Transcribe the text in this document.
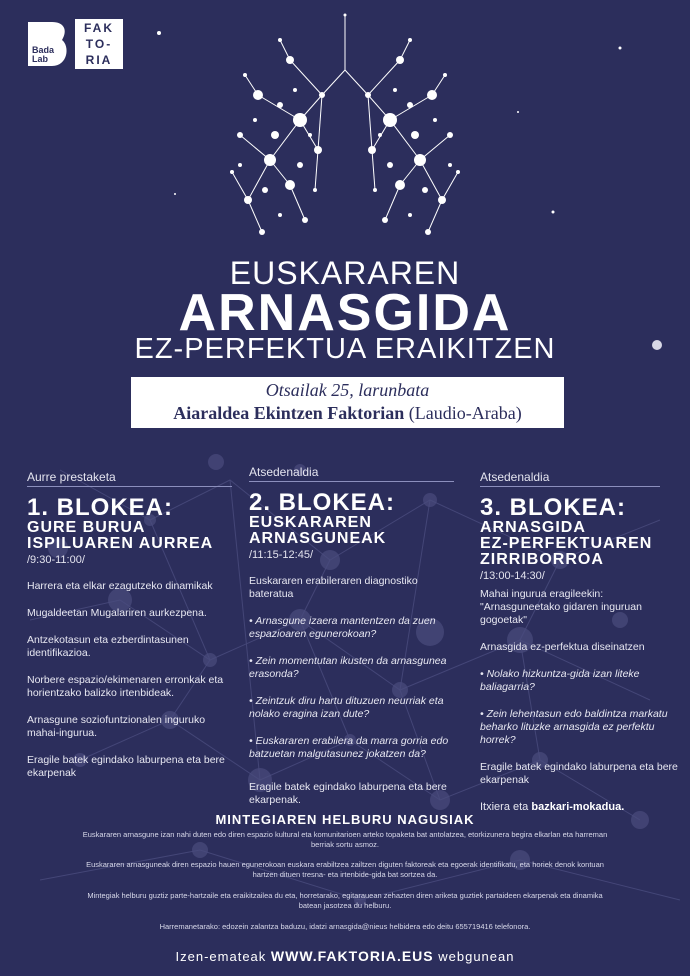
Bada
Lab
FAK
TO-
RIA
EUSKARAREN
ARNASGIDA
EZ-PERFEKTUA ERAIKITZEN
Otsailak 25, larunbata
Aiaraldea Ekintzen Faktorian (Laudio-Araba)
Aurre prestaketa
1. BLOKEA:
GURE BURUA
ISPILUAREN AURREA
/9:30-11:00/

Harrera eta elkar ezagutzeko dinamikak

Mugaldeetan Mugalariren aurkezpena.

Antzekotasun eta ezberdintasunen identifikazioa.

Norbere espazio/ekimenaren erronkak eta horientzako balizko irtenbideak.

Arnasgune soziofuntzionalen inguruko mahai-ingurua.

Eragile batek egindako laburpena eta bere ekarpenak

Atsedenaldia
2. BLOKEA:
EUSKARAREN
ARNASGUNEAK
/11:15-12:45/

Euskararen erabileraren diagnostiko bateratua

• Arnasgune izaera mantentzen da zuen espazioaren egunerokoan?

• Zein momentutan ikusten da arnasgunea erasonda?

• Zeintzuk diru hartu dituzuen neurriak eta nolako eragina izan dute?

• Euskararen erabilera da marra gorria edo batzuetan malgutasunez jokatzen da?

Eragile batek egindako laburpena eta bere ekarpenak.

Atsedenaldia
3. BLOKEA:
ARNASGIDA
EZ-PERFEKTUAREN
ZIRRIBORROA
/13:00-14:30/

Mahai inguruа eragileekin: "Arnasguneetako gidaren inguruan gogoetak"

Arnasgida ez-perfektua diseinatzen

• Nolako hizkuntza-gida izan liteke baliagarria?

• Zein lehentasun edo baldintza markatu beharko lituzke arnasgida ez perfektu horrek?

Eragile batek egindako laburpena eta bere ekarpenak

Itxiera eta bazkari-mokadua.

MINTEGIAREN HELBURU NAGUSIAK
Euskararen arnasgune izan nahi duten edo diren espazio kultural eta komunitarioen arteko topaketa bat antolatzea, etorkizunera begira elkarlan eta harreman berriak sortu asmoz.
Euskararen arnasguneak diren espazio hauen egunerokoan euskara erabiltzea zailtzen diguten faktoreak eta egoerak identifikatu, eta horiek denok kontuan hartzen dituen tresna- eta irtenbide-gida bat sortzea da.
Mintegiak helburu guztiz parte-hartzaile eta eraikitzailea du eta, horretarako, egitarauean zehazten diren ariketa guztiek partaideen ekarpenak eta dinamika batean jasotzea du helburu.
Harremanetarako: edozein zalantza baduzu, idatzi arnasgida@nieus helbidera edo deitu 655719416 telefonora.
Izen-emateak WWW.FAKTORIA.EUS webgunean
